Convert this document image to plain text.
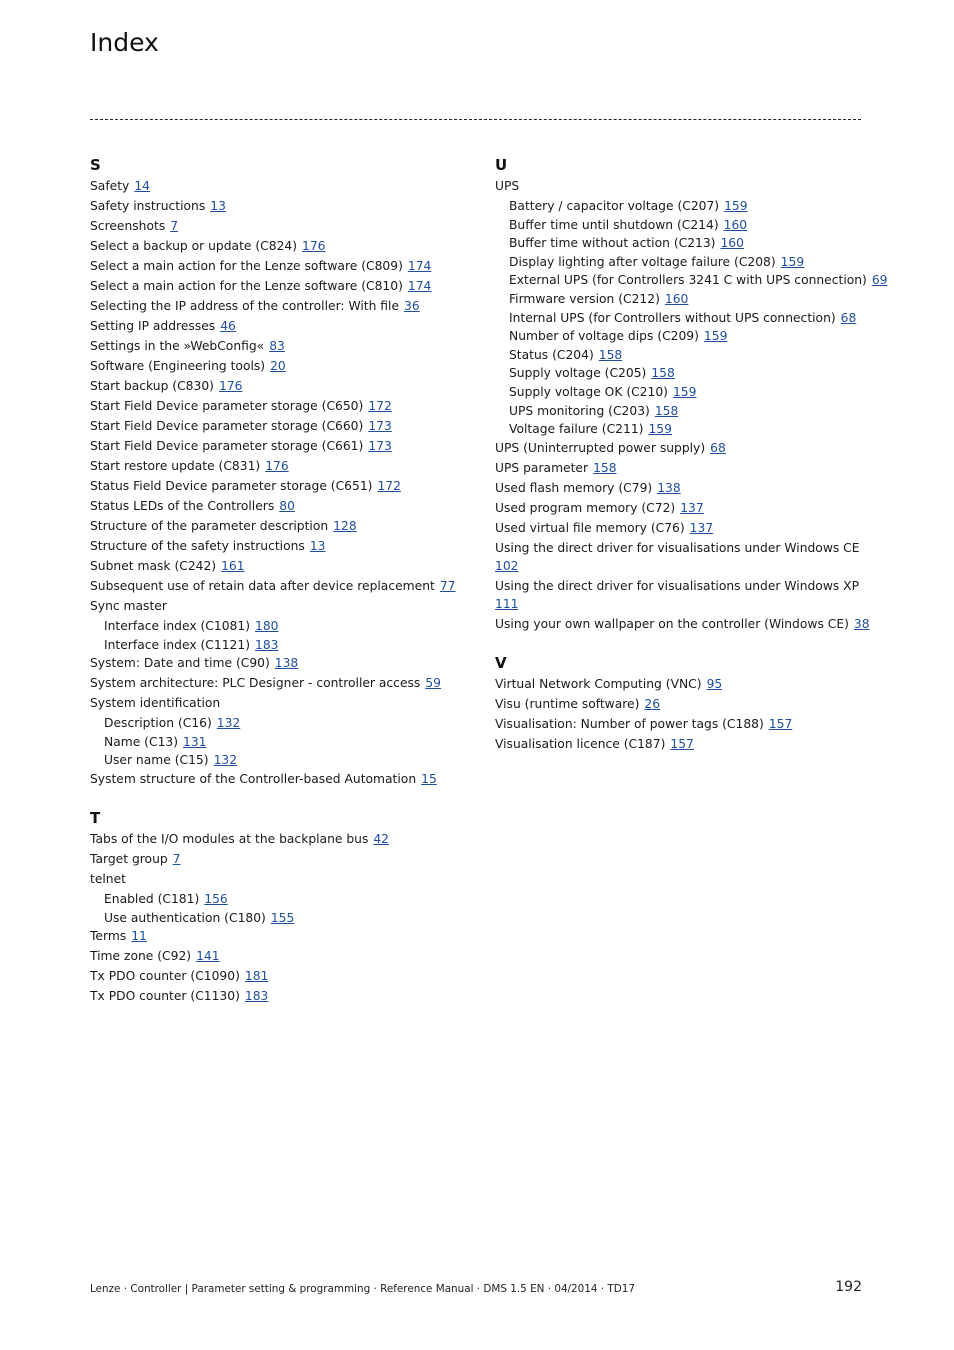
Index
S
Safety 14
Safety instructions 13
Screenshots 7
Select a backup or update (C824) 176
Select a main action for the Lenze software (C809) 174
Select a main action for the Lenze software (C810) 174
Selecting the IP address of the controller: With file 36
Setting IP addresses 46
Settings in the »WebConfig« 83
Software (Engineering tools) 20
Start backup (C830) 176
Start Field Device parameter storage (C650) 172
Start Field Device parameter storage (C660) 173
Start Field Device parameter storage (C661) 173
Start restore update (C831) 176
Status Field Device parameter storage (C651) 172
Status LEDs of the Controllers 80
Structure of the parameter description 128
Structure of the safety instructions 13
Subnet mask (C242) 161
Subsequent use of retain data after device replacement 77
Sync master
Interface index (C1081) 180
Interface index (C1121) 183
System: Date and time (C90) 138
System architecture: PLC Designer - controller access 59
System identification
Description (C16) 132
Name (C13) 131
User name (C15) 132
System structure of the Controller-based Automation 15
T
Tabs of the I/O modules at the backplane bus 42
Target group 7
telnet
Enabled (C181) 156
Use authentication (C180) 155
Terms 11
Time zone (C92) 141
Tx PDO counter (C1090) 181
Tx PDO counter (C1130) 183
U
UPS
Battery / capacitor voltage (C207) 159
Buffer time until shutdown (C214) 160
Buffer time without action (C213) 160
Display lighting after voltage failure (C208) 159
External UPS (for Controllers 3241 C with UPS connection) 69
Firmware version (C212) 160
Internal UPS (for Controllers without UPS connection) 68
Number of voltage dips (C209) 159
Status (C204) 158
Supply voltage (C205) 158
Supply voltage OK (C210) 159
UPS monitoring (C203) 158
Voltage failure (C211) 159
UPS (Uninterrupted power supply) 68
UPS parameter 158
Used flash memory (C79) 138
Used program memory (C72) 137
Used virtual file memory (C76) 137
Using the direct driver for visualisations under Windows CE
102
Using the direct driver for visualisations under Windows XP
111
Using your own wallpaper on the controller (Windows CE) 38
V
Virtual Network Computing (VNC) 95
Visu (runtime software) 26
Visualisation: Number of power tags (C188) 157
Visualisation licence (C187) 157
Lenze · Controller | Parameter setting & programming · Reference Manual · DMS 1.5 EN · 04/2014 · TD17	192
